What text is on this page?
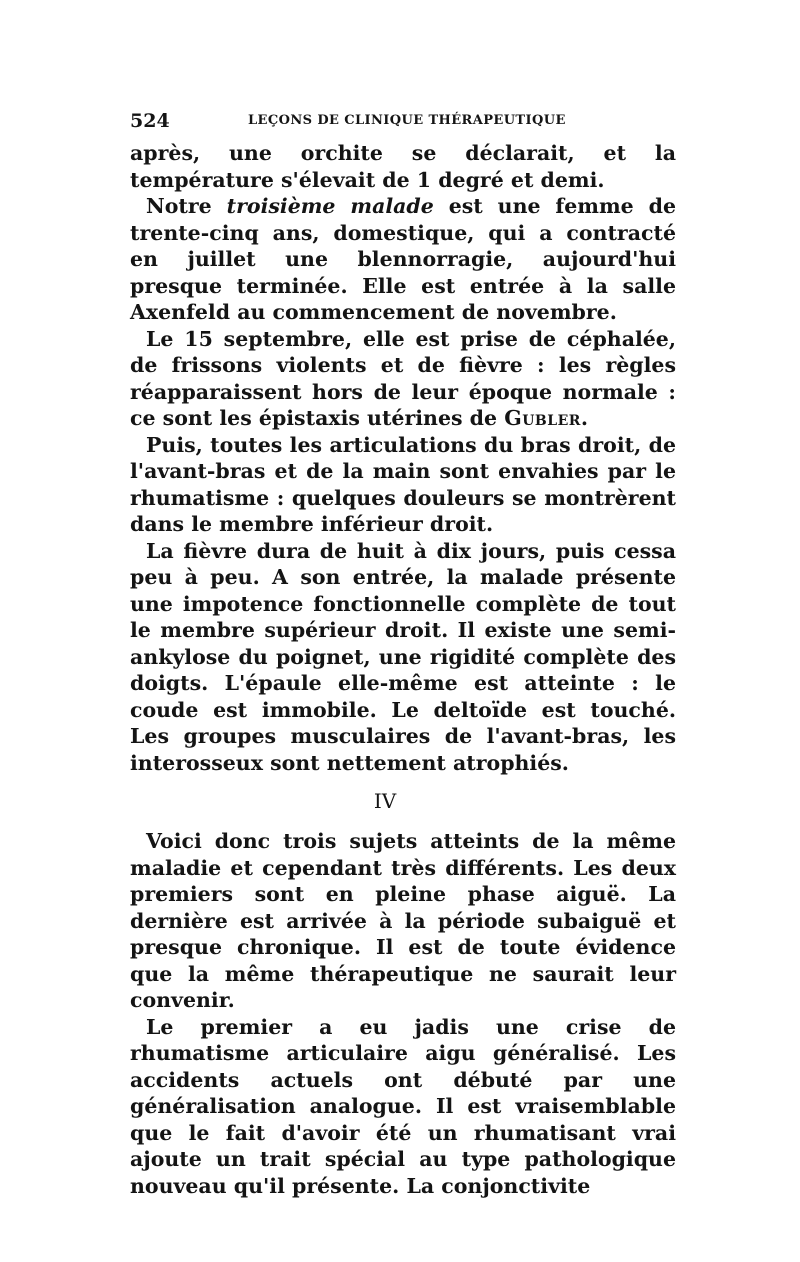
524	LEÇONS DE CLINIQUE THÉRAPEUTIQUE

après, une orchite se déclarait, et la température s'élevait de 1 degré et demi.

Notre troisième malade est une femme de trente-cinq ans, domestique, qui a contracté en juillet une blennorragie, aujourd'hui presque terminée. Elle est entrée à la salle Axenfeld au commencement de novembre.

Le 15 septembre, elle est prise de céphalée, de frissons violents et de fièvre : les règles réapparaissent hors de leur époque normale : ce sont les épistaxis utérines de Gubler.

Puis, toutes les articulations du bras droit, de l'avant-bras et de la main sont envahies par le rhumatisme : quelques douleurs se montrèrent dans le membre inférieur droit.

La fièvre dura de huit à dix jours, puis cessa peu à peu. A son entrée, la malade présente une impotence fonctionnelle complète de tout le membre supérieur droit. Il existe une semi-ankylose du poignet, une rigidité complète des doigts. L'épaule elle-même est atteinte : le coude est immobile. Le deltoïde est touché. Les groupes musculaires de l'avant-bras, les interosseux sont nettement atrophiés.

IV

Voici donc trois sujets atteints de la même maladie et cependant très différents. Les deux premiers sont en pleine phase aiguë. La dernière est arrivée à la période subaiguë et presque chronique. Il est de toute évidence que la même thérapeutique ne saurait leur convenir.

Le premier a eu jadis une crise de rhumatisme articulaire aigu généralisé. Les accidents actuels ont débuté par une généralisation analogue. Il est vraisemblable que le fait d'avoir été un rhumatisant vrai ajoute un trait spécial au type pathologique nouveau qu'il présente. La conjonctivite
